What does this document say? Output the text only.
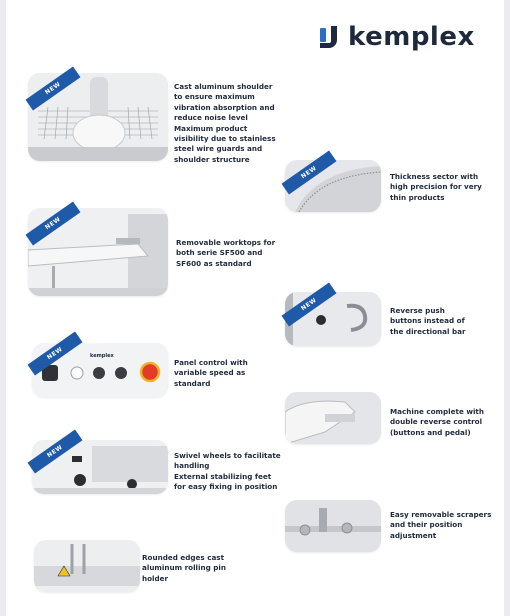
kemplex
NEW	Cast aluminum shoulder
to ensure maximum
vibration absorption and
reduce noise level
Maximum product
visibility due to stainless
steel wire guards and
shoulder structure
NEW	Thickness sector with
high precision for very
thin products
NEW
Removable worktops for
both serie SF500 and
SF600 as standard
NEW	Reverse push
buttons instead of
the directional bar
kemplex
NEW
Panel control with
variable speed as
standard
Machine complete with
double reverse control
(buttons and pedal)
NEW	Swivel wheels to facilitate
handling
External stabilizing feet
for easy fixing in position
Easy removable scrapers
and their position
adjustment
Rounded edges cast
aluminum rolling pin
holder
